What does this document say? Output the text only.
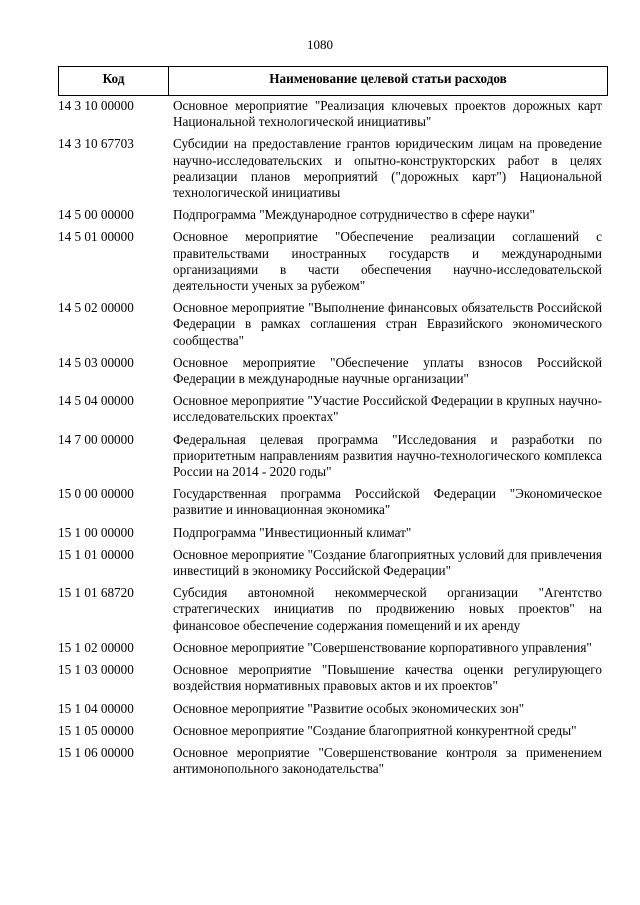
1080
Код	Наименование целевой статьи расходов
14 3 10 00000	Основное мероприятие "Реализация ключевых проектов дорожных карт Национальной технологической инициативы"
14 3 10 67703	Субсидии на предоставление грантов юридическим лицам на проведение научно-исследовательских и опытно-конструкторских работ в целях реализации планов мероприятий ("дорожных карт") Национальной технологической инициативы
14 5 00 00000	Подпрограмма "Международное сотрудничество в сфере науки"
14 5 01 00000	Основное мероприятие "Обеспечение реализации соглашений с правительствами иностранных государств и международными организациями в части обеспечения научно-исследовательской деятельности ученых за рубежом"
14 5 02 00000	Основное мероприятие "Выполнение финансовых обязательств Российской Федерации в рамках соглашения стран Евразийского экономического сообщества"
14 5 03 00000	Основное мероприятие "Обеспечение уплаты взносов Российской Федерации в международные научные организации"
14 5 04 00000	Основное мероприятие "Участие Российской Федерации в крупных научно-исследовательских проектах"
14 7 00 00000	Федеральная целевая программа "Исследования и разработки по приоритетным направлениям развития научно-технологического комплекса России на 2014 - 2020 годы"
15 0 00 00000	Государственная программа Российской Федерации "Экономическое развитие и инновационная экономика"
15 1 00 00000	Подпрограмма "Инвестиционный климат"
15 1 01 00000	Основное мероприятие "Создание благоприятных условий для привлечения инвестиций в экономику Российской Федерации"
15 1 01 68720	Субсидия автономной некоммерческой организации "Агентство стратегических инициатив по продвижению новых проектов" на финансовое обеспечение содержания помещений и их аренду
15 1 02 00000	Основное мероприятие "Совершенствование корпоративного управления"
15 1 03 00000	Основное мероприятие "Повышение качества оценки регулирующего воздействия нормативных правовых актов и их проектов"
15 1 04 00000	Основное мероприятие "Развитие особых экономических зон"
15 1 05 00000	Основное мероприятие "Создание благоприятной конкурентной среды"
15 1 06 00000	Основное мероприятие "Совершенствование контроля за применением антимонопольного законодательства"
